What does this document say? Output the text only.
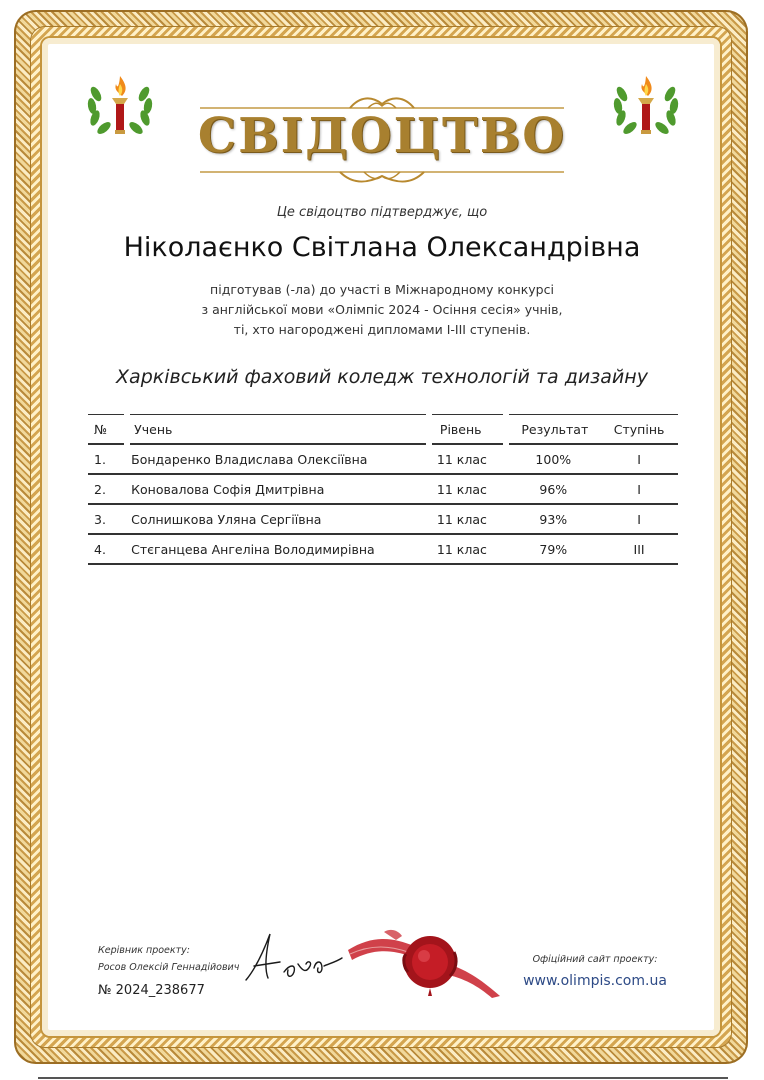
СВІДОЦТВО
Це свідоцтво підтверджує, що
Ніколаєнко Світлана Олександрівна
підготував (-ла) до участі в Міжнародному конкурсі
з англійської мови «Олімпіс 2024 - Осіння сесія» учнів,
ті, хто нагороджені дипломами І-ІІІ ступенів.
Харківський фаховий коледж технологій та дизайну
№	Учень	Рівень	Результат	Ступінь
1.	Бондаренко Владислава Олексіївна	11 клас	100%	I
2.	Коновалова Софія Дмитрівна	11 клас	96%	I
3.	Солнишкова Уляна Сергіївна	11 клас	93%	I
4.	Стєганцева Ангеліна Володимирівна	11 клас	79%	III
Керівник проекту:
Росов Олексій Геннадійович
№ 2024_238677
Офіційний сайт проекту:
www.olimpis.com.ua
